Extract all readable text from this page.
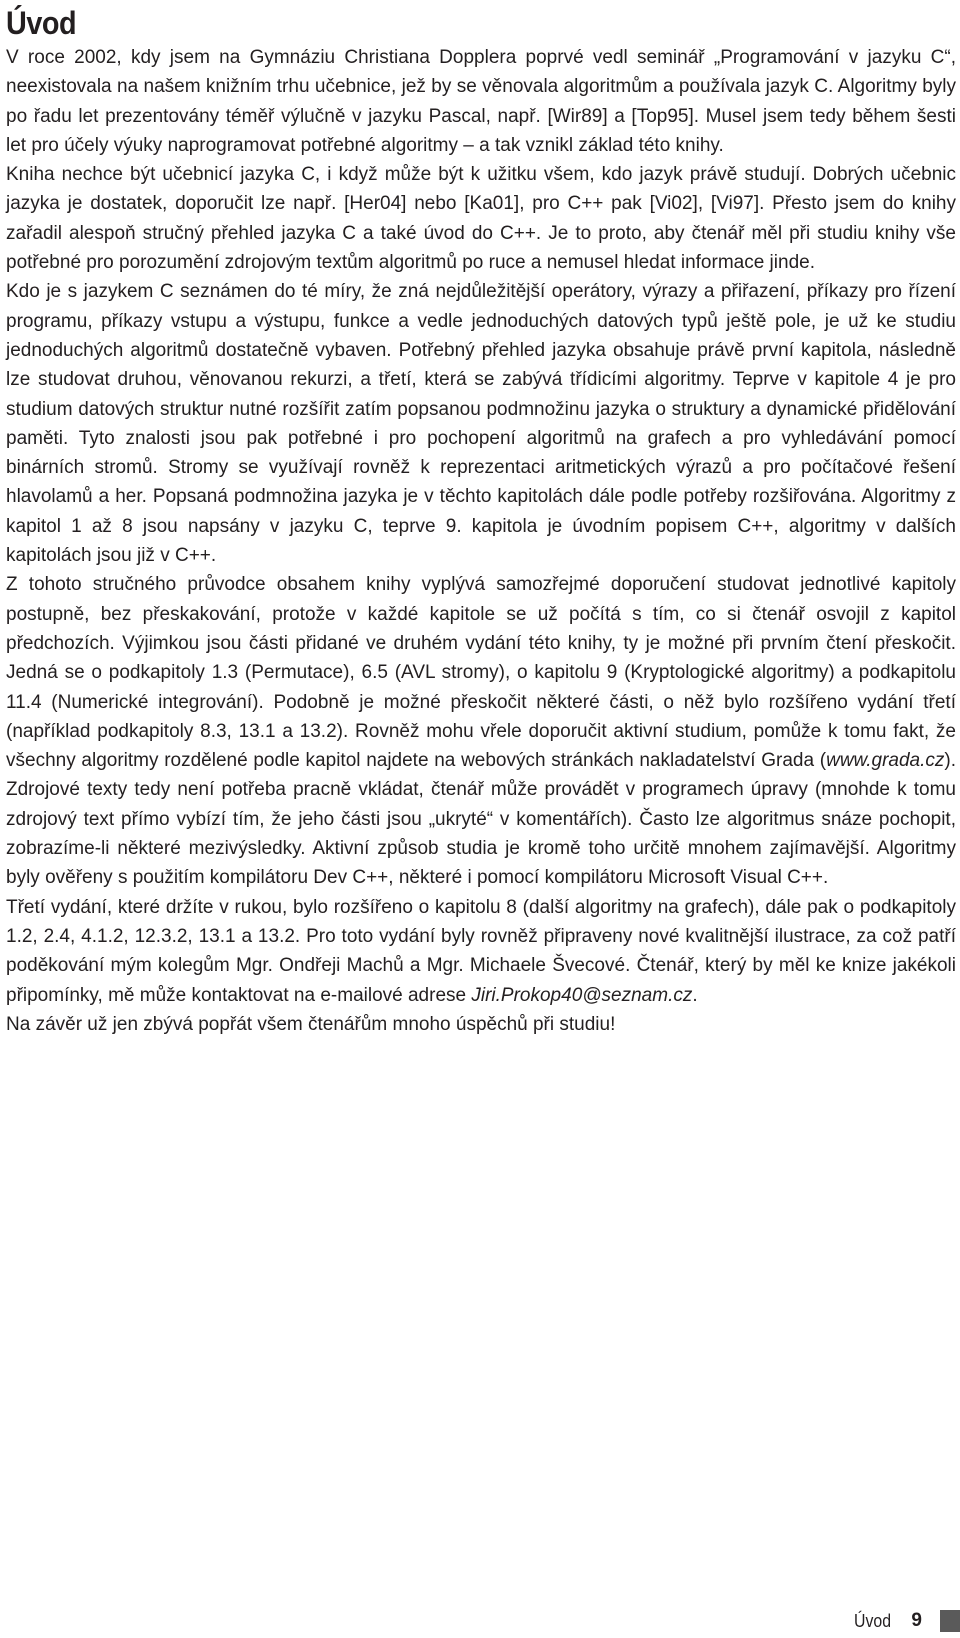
Úvod

V roce 2002, kdy jsem na Gymnáziu Christiana Dopplera poprvé vedl seminář „Programování v jazyku C“, neexistovala na našem knižním trhu učebnice, jež by se věnovala algoritmům a používala jazyk C. Algoritmy byly po řadu let prezentovány téměř výlučně v jazyku Pascal, např. [Wir89] a [Top95]. Musel jsem tedy během šesti let pro účely výuky naprogramovat potřebné algoritmy – a tak vznikl základ této knihy.

Kniha nechce být učebnicí jazyka C, i když může být k užitku všem, kdo jazyk právě studují. Dobrých učebnic jazyka je dostatek, doporučit lze např. [Her04] nebo [Ka01], pro C++ pak [Vi02], [Vi97]. Přesto jsem do knihy zařadil alespoň stručný přehled jazyka C a také úvod do C++. Je to proto, aby čtenář měl při studiu knihy vše potřebné pro porozumění zdrojovým textům algoritmů po ruce a nemusel hledat informace jinde.

Kdo je s jazykem C seznámen do té míry, že zná nejdůležitější operátory, výrazy a přiřazení, příkazy pro řízení programu, příkazy vstupu a výstupu, funkce a vedle jednoduchých datových typů ještě pole, je už ke studiu jednoduchých algoritmů dostatečně vybaven. Potřebný přehled jazyka obsahuje právě první kapitola, následně lze studovat druhou, věnovanou rekurzi, a třetí, která se zabývá třídicími algoritmy. Teprve v kapitole 4 je pro studium datových struktur nutné rozšířit zatím popsanou podmnožinu jazyka o struktury a dynamické přidělování paměti. Tyto znalosti jsou pak potřebné i pro pochopení algoritmů na grafech a pro vyhledávání pomocí binárních stromů. Stromy se využívají rovněž k reprezentaci aritmetických výrazů a pro počítačové řešení hlavolamů a her. Popsaná podmnožina jazyka je v těchto kapitolách dále podle potřeby rozšiřována. Algoritmy z kapitol 1 až 8 jsou napsány v jazyku C, teprve 9. kapitola je úvodním popisem C++, algoritmy v dalších kapitolách jsou již v C++.

Z tohoto stručného průvodce obsahem knihy vyplývá samozřejmé doporučení studovat jednotlivé kapitoly postupně, bez přeskakování, protože v každé kapitole se už počítá s tím, co si čtenář osvojil z kapitol předchozích. Výjimkou jsou části přidané ve druhém vydání této knihy, ty je možné při prvním čtení přeskočit. Jedná se o podkapitoly 1.3 (Permutace), 6.5 (AVL stromy), o kapitolu 9 (Kryptologické algoritmy) a podkapitolu 11.4 (Numerické integrování). Podobně je možné přeskočit některé části, o něž bylo rozšířeno vydání třetí (například podkapitoly 8.3, 13.1 a 13.2). Rovněž mohu vřele doporučit aktivní studium, pomůže k tomu fakt, že všechny algoritmy rozdělené podle kapitol najdete na webových stránkách nakladatelství Grada (www.grada.cz). Zdrojové texty tedy není potřeba pracně vkládat, čtenář může provádět v programech úpravy (mnohde k tomu zdrojový text přímo vybízí tím, že jeho části jsou „ukryté“ v komentářích). Často lze algoritmus snáze pochopit, zobrazíme-li některé mezivýsledky. Aktivní způsob studia je kromě toho určitě mnohem zajímavější. Algoritmy byly ověřeny s použitím kompilátoru Dev C++, některé i pomocí kompilátoru Microsoft Visual C++.

Třetí vydání, které držíte v rukou, bylo rozšířeno o kapitolu 8 (další algoritmy na grafech), dále pak o podkapitoly 1.2, 2.4, 4.1.2, 12.3.2, 13.1 a 13.2. Pro toto vydání byly rovněž připraveny nové kvalitnější ilustrace, za což patří poděkování mým kolegům Mgr. Ondřeji Machů a Mgr. Michaele Švecové. Čtenář, který by měl ke knize jakékoli připomínky, mě může kontaktovat na e-mailové adrese Jiri.Prokop40@seznam.cz.

Na závěr už jen zbývá popřát všem čtenářům mnoho úspěchů při studiu!

Úvod 9
